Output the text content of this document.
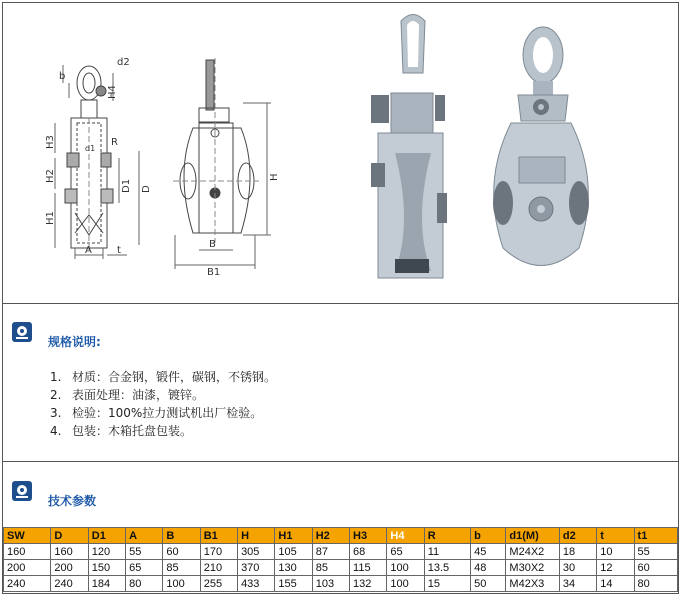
b
d2
H4
H3	R
d1
H2
D1 D
H1
A	t
H
B
B1
规格说明:
1. 材质：合金钢，锻件，碳钢，不锈钢。
2. 表面处理：油漆，镀锌。
3. 检验：100%拉力测试机出厂检验。
4. 包装：木箱托盘包装。
技术参数
SW	D	D1	A	B	B1	H	H1	H2	H3	H4	R	b	d1(M)	d2	t	t1
160	160	120	55	60	170	305	105	87	68	65	11	45	M24X2	18	10	55
200	200	150	65	85	210	370	130	85	115	100	13.5	48	M30X2	30	12	60
240	240	184	80	100	255	433	155	103	132	100	15	50	M42X3	34	14	80
